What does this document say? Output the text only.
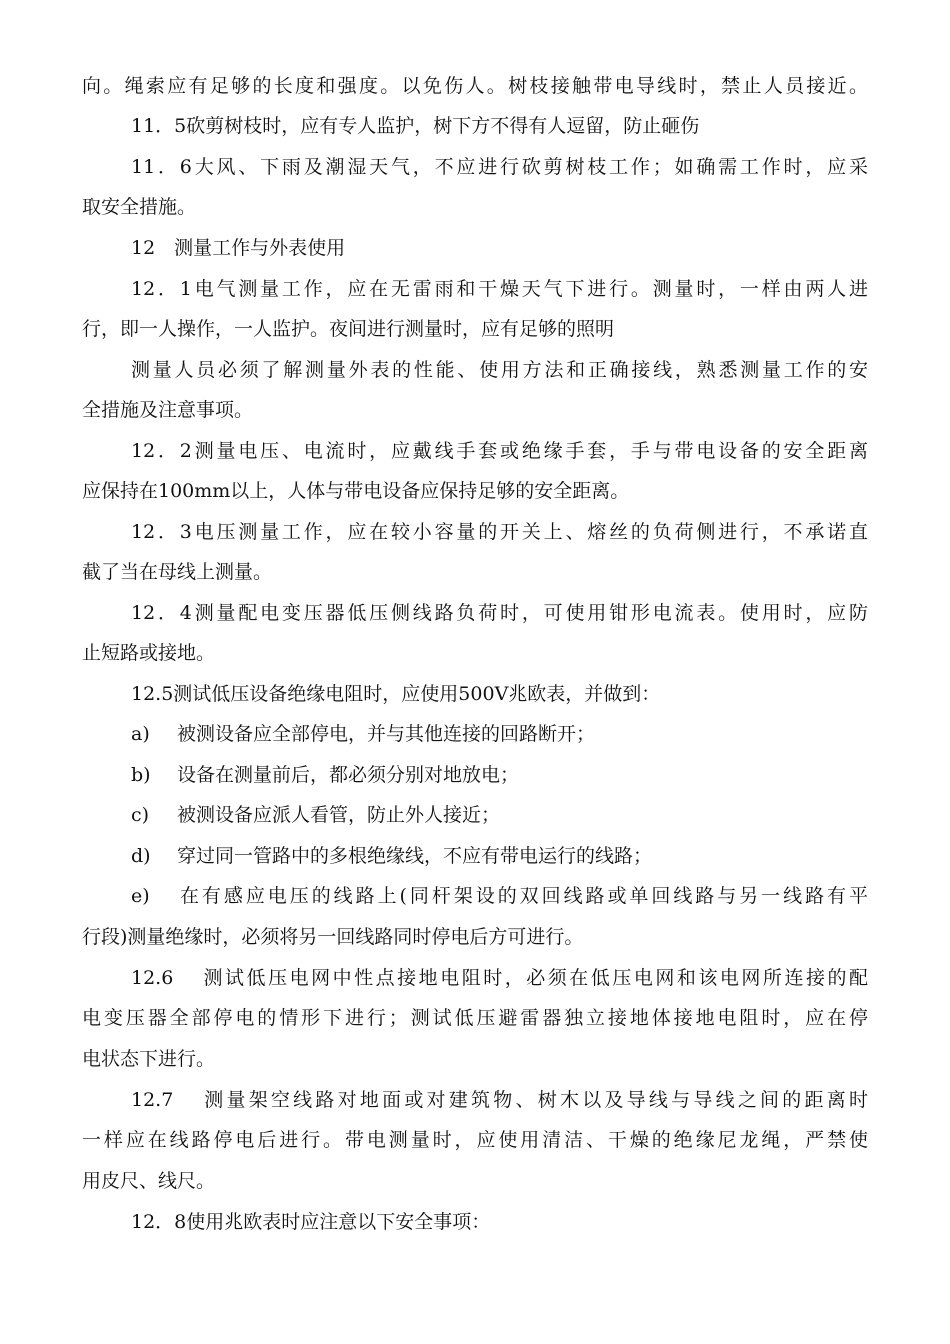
向。绳索应有足够的长度和强度。以免伤人。树枝接触带电导线时，禁止人员接近。
11．5砍剪树枝时，应有专人监护，树下方不得有人逗留，防止砸伤
11．6大风、下雨及潮湿天气，不应进行砍剪树枝工作；如确需工作时，应采
取安全措施。
12　测量工作与外表使用
12．1电气测量工作，应在无雷雨和干燥天气下进行。测量时，一样由两人进
行，即一人操作，一人监护。夜间进行测量时，应有足够的照明
测量人员必须了解测量外表的性能、使用方法和正确接线，熟悉测量工作的安
全措施及注意事项。
12．2测量电压、电流时，应戴线手套或绝缘手套，手与带电设备的安全距离
应保持在100mm以上，人体与带电设备应保持足够的安全距离。
12．3电压测量工作，应在较小容量的开关上、熔丝的负荷侧进行，不承诺直
截了当在母线上测量。
12．4测量配电变压器低压侧线路负荷时，可使用钳形电流表。使用时，应防
止短路或接地。
12.5测试低压设备绝缘电阻时，应使用500V兆欧表，并做到：
a) 被测设备应全部停电，并与其他连接的回路断开；
b) 设备在测量前后，都必须分别对地放电；
c) 被测设备应派人看管，防止外人接近；
d) 穿过同一管路中的多根绝缘线，不应有带电运行的线路；
e) 在有感应电压的线路上(同杆架设的双回线路或单回线路与另一线路有平
行段)测量绝缘时，必须将另一回线路同时停电后方可进行。
12.6 测试低压电网中性点接地电阻时，必须在低压电网和该电网所连接的配
电变压器全部停电的情形下进行；测试低压避雷器独立接地体接地电阻时，应在停
电状态下进行。
12.7 测量架空线路对地面或对建筑物、树木以及导线与导线之间的距离时
一样应在线路停电后进行。带电测量时，应使用清洁、干燥的绝缘尼龙绳，严禁使
用皮尺、线尺。
12．8使用兆欧表时应注意以下安全事项：
